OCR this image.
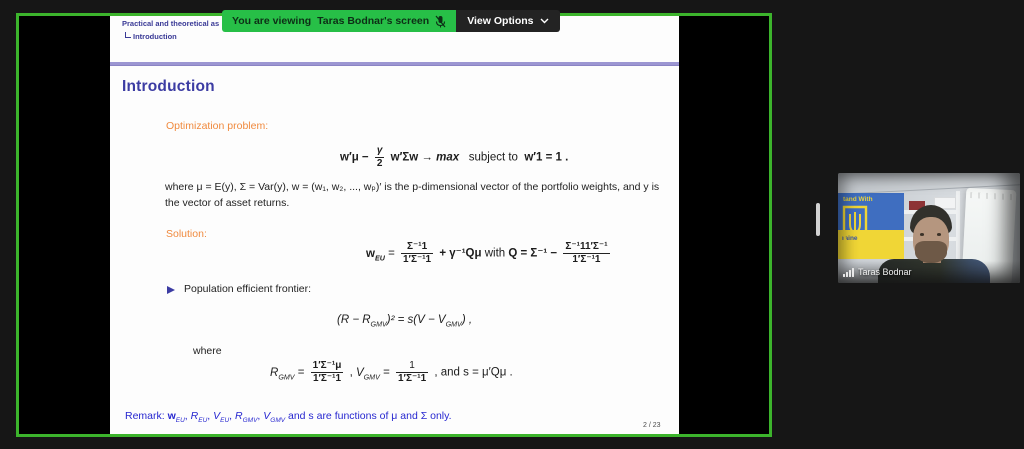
Practical and theoretical as
Introduction
Introduction
Optimization problem:
$w'\mu - \frac{\gamma}{2} w'\Sigma w \to \max$ subject to w′1 = 1 .
where μ = E(y), Σ = Var(y), w = (w₁, w₂, ..., wₚ)′ is the p-dimensional vector of the portfolio weights, and y is the vector of asset returns.
Solution:
$w_{EU} = \frac{\text{Σ⁻¹1}}{\text{1′Σ⁻¹1}} + \gamma^{-1}Q\mu$ with $Q = \Sigma^{-1} - \frac{\text{Σ⁻¹11′Σ⁻¹}}{\text{1′Σ⁻¹1}}$
Population efficient frontier:
$(R - R_{GMV})^2 = s(V - V_{GMV})$ ,
where
$R_{GMV} = \frac{\text{1′Σ⁻¹μ}}{\text{1′Σ⁻¹1}}$ , $V_{GMV} = \frac{1}{\text{1′Σ⁻¹1}}$ , and s = μ′Qμ .
Remark: $w_{EU}$, $R_{EU}$, $V_{EU}$, $R_{GMV}$, $V_{GMV}$ and s are functions of μ and Σ only.
2 / 23
You are viewing Taras Bodnar's screen	View Options
tand With
raine
Taras Bodnar
